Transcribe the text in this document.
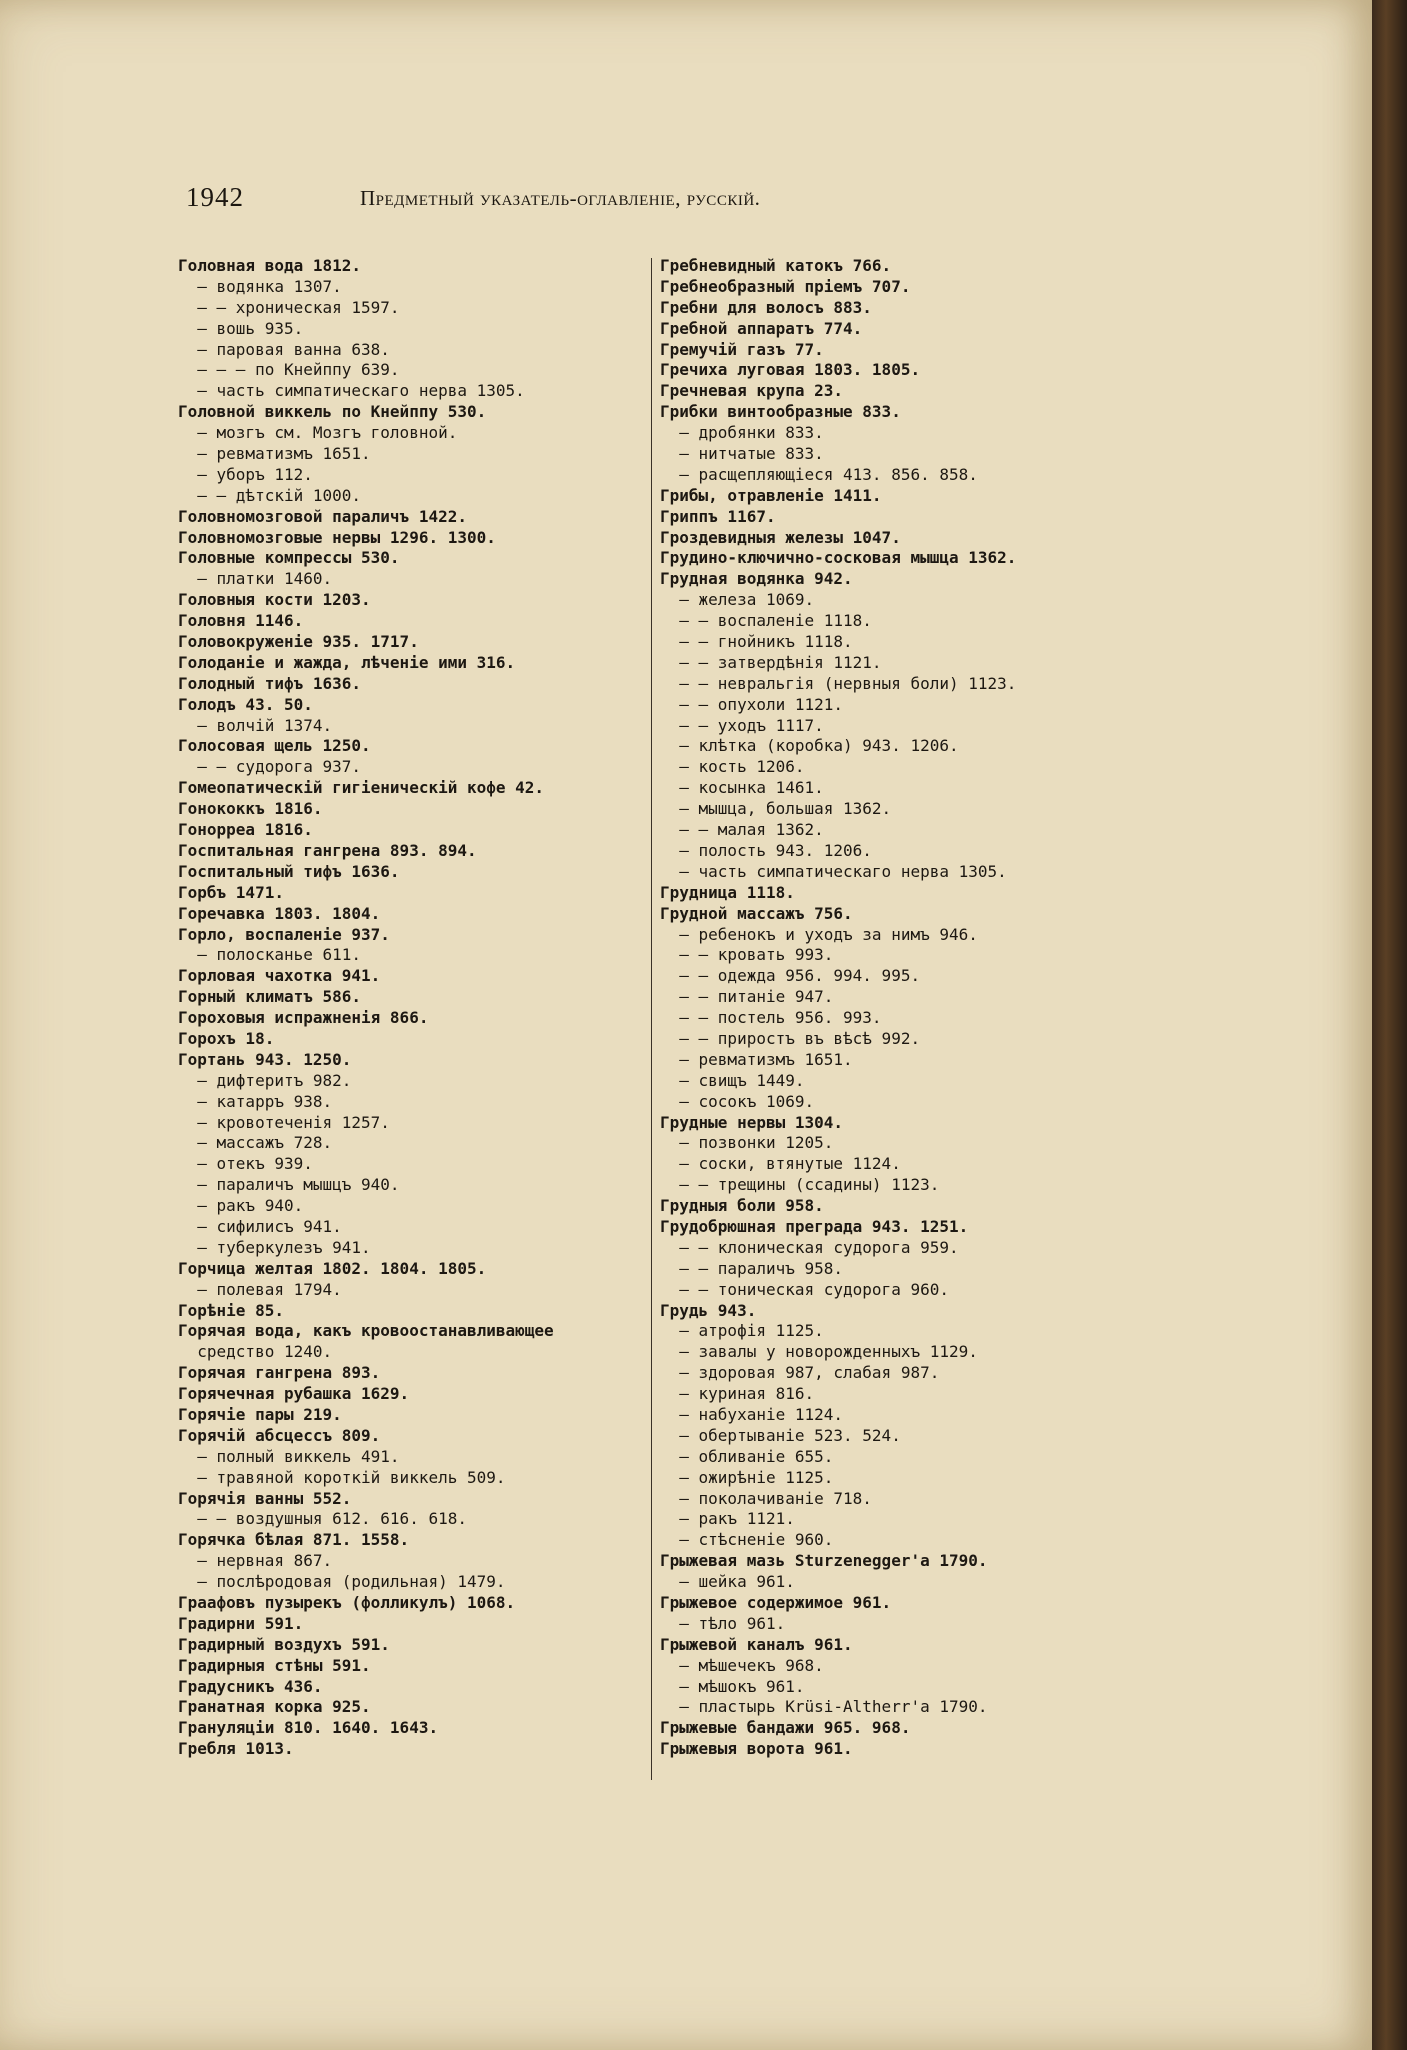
1942	Предметный указатель-оглавленіе, русскій.
Головная вода 1812.
— водянка 1307.
— — хроническая 1597.
— вошь 935.
— паровая ванна 638.
— — — по Кнейппу 639.
— часть симпатическаго нерва 1305.
Головной виккель по Кнейппу 530.
— мозгъ см. Мозгъ головной.
— ревматизмъ 1651.
— уборъ 112.
— — дѣтскій 1000.
Головномозговой параличъ 1422.
Головномозговые нервы 1296. 1300.
Головные компрессы 530.
— платки 1460.
Головныя кости 1203.
Головня 1146.
Головокруженіе 935. 1717.
Голоданіе и жажда, лѣченіе ими 316.
Голодный тифъ 1636.
Голодъ 43. 50.
— волчій 1374.
Голосовая щель 1250.
— — судорога 937.
Гомеопатическій гигіеническій кофе 42.
Гонококкъ 1816.
Гонорреа 1816.
Госпитальная гангрена 893. 894.
Госпитальный тифъ 1636.
Горбъ 1471.
Горечавка 1803. 1804.
Горло, воспаленіе 937.
— полосканье 611.
Горловая чахотка 941.
Горный климатъ 586.
Гороховыя испражненія 866.
Горохъ 18.
Гортань 943. 1250.
— дифтеритъ 982.
— катарръ 938.
— кровотеченія 1257.
— массажъ 728.
— отекъ 939.
— параличъ мышцъ 940.
— ракъ 940.
— сифилисъ 941.
— туберкулезъ 941.
Горчица желтая 1802. 1804. 1805.
— полевая 1794.
Горѣніе 85.
Горячая вода, какъ кровоостанавливающее
средство 1240.
Горячая гангрена 893.
Горячечная рубашка 1629.
Горячіе пары 219.
Горячій абсцессъ 809.
— полный виккель 491.
— травяной короткій виккель 509.
Горячія ванны 552.
— — воздушныя 612. 616. 618.
Горячка бѣлая 871. 1558.
— нервная 867.
— послѣродовая (родильная) 1479.
Граафовъ пузырекъ (фолликулъ) 1068.
Градирни 591.
Градирный воздухъ 591.
Градирныя стѣны 591.
Градусникъ 436.
Гранатная корка 925.
Грануляціи 810. 1640. 1643.
Гребля 1013.
Гребневидный катокъ 766.
Гребнеобразный пріемъ 707.
Гребни для волосъ 883.
Гребной аппаратъ 774.
Гремучій газъ 77.
Гречиха луговая 1803. 1805.
Гречневая крупа 23.
Грибки винтообразные 833.
— дробянки 833.
— нитчатые 833.
— расщепляющіеся 413. 856. 858.
Грибы, отравленіе 1411.
Гриппъ 1167.
Гроздевидныя железы 1047.
Грудино-ключично-сосковая мышца 1362.
Грудная водянка 942.
— железа 1069.
— — воспаленіе 1118.
— — гнойникъ 1118.
— — затвердѣнія 1121.
— — невральгія (нервныя боли) 1123.
— — опухоли 1121.
— — уходъ 1117.
— клѣтка (коробка) 943. 1206.
— кость 1206.
— косынка 1461.
— мышца, большая 1362.
— — малая 1362.
— полость 943. 1206.
— часть симпатическаго нерва 1305.
Грудница 1118.
Грудной массажъ 756.
— ребенокъ и уходъ за нимъ 946.
— — кровать 993.
— — одежда 956. 994. 995.
— — питаніе 947.
— — постель 956. 993.
— — приростъ въ вѣсѣ 992.
— ревматизмъ 1651.
— свищъ 1449.
— сосокъ 1069.
Грудные нервы 1304.
— позвонки 1205.
— соски, втянутые 1124.
— — трещины (ссадины) 1123.
Грудныя боли 958.
Грудобрюшная преграда 943. 1251.
— — клоническая судорога 959.
— — параличъ 958.
— — тоническая судорога 960.
Грудь 943.
— атрофія 1125.
— завалы у новорожденныхъ 1129.
— здоровая 987, слабая 987.
— куриная 816.
— набуханіе 1124.
— обертываніе 523. 524.
— обливаніе 655.
— ожирѣніе 1125.
— поколачиваніе 718.
— ракъ 1121.
— стѣсненіе 960.
Грыжевая мазь Sturzenegger'а 1790.
— шейка 961.
Грыжевое содержимое 961.
— тѣло 961.
Грыжевой каналъ 961.
— мѣшечекъ 968.
— мѣшокъ 961.
— пластырь Krüsi-Altherr'а 1790.
Грыжевые бандажи 965. 968.
Грыжевыя ворота 961.
